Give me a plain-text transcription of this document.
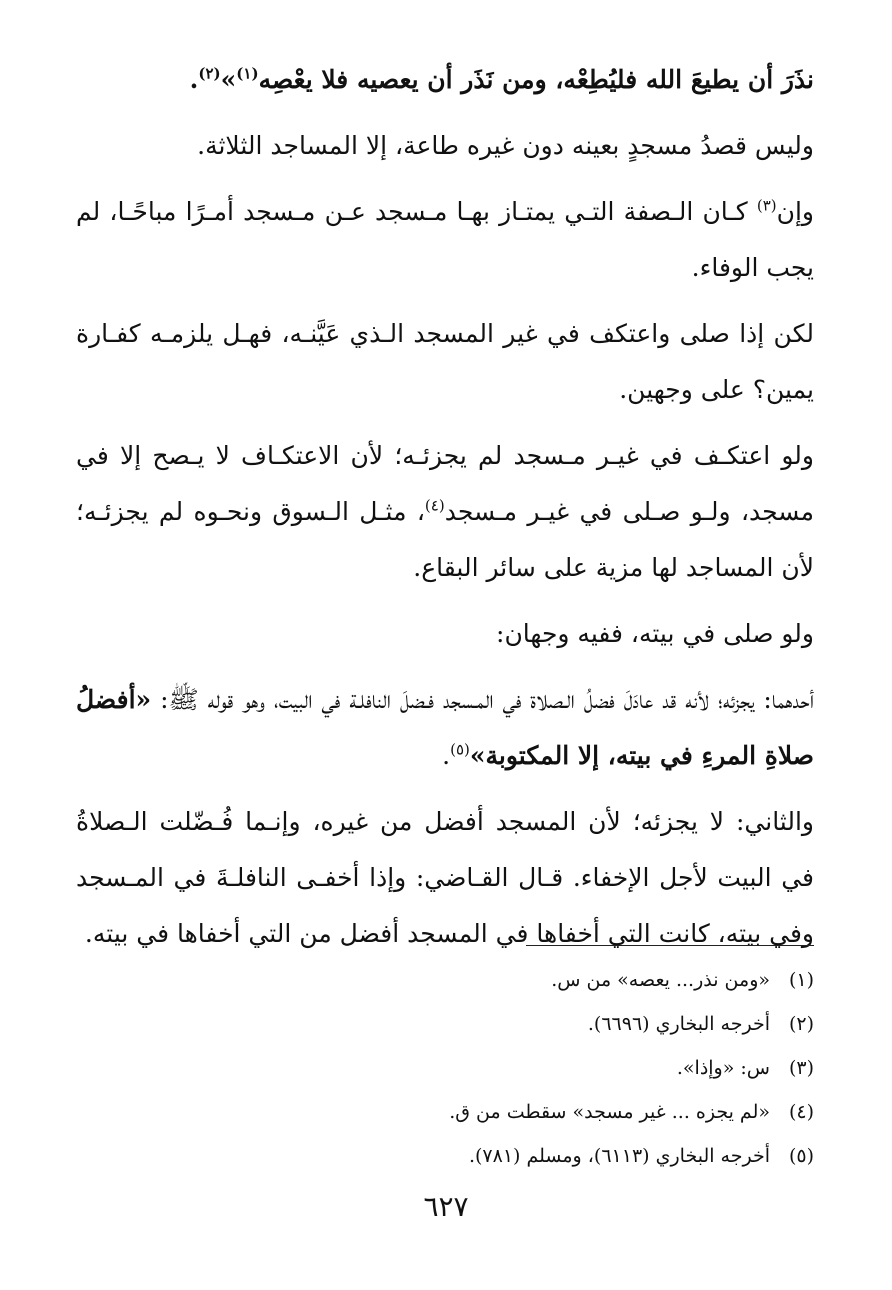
نذَرَ أن يطيعَ الله فليُطِعْه، ومن نَذَر أن يعصيه فلا يعْصِه$^{(١)}$»$^{(٢)}$.

وليس قصدُ مسجدٍ بعينه دون غيره طاعة، إلا المساجد الثلاثة.

وإن$^{(٣)}$ كـان الـصفة التـي يمتـاز بهـا مـسجد عـن مـسجد أمـرًا مباحًـا، لم يجب الوفاء.

لكن إذا صلى واعتكف في غير المسجد الـذي عَيَّنـه، فهـل يلزمـه كفـارة يمين؟ على وجهين.

ولو اعتكـف في غيـر مـسجد لم يجزئـه؛ لأن الاعتكـاف لا يـصح إلا في مسجد، ولـو صـلى في غيـر مـسجد$^{(٤)}$، مثـل الـسوق ونحـوه لم يجزئـه؛ لأن المساجد لها مزية على سائر البقاع.

ولو صلى في بيته، ففيه وجهان:

أحدهما: يجزئه؛ لأنه قد عادَلَ فضلُ الـصلاة في المـسجد فـضلَ النافلـة في البيت، وهو قوله ﷺ: «أفضلُ صلاةِ المرءِ في بيته، إلا المكتوبة»$^{(٥)}$.

والثاني: لا يجزئه؛ لأن المسجد أفضل من غيره، وإنـما فُـضّلت الـصلاةُ في البيت لأجل الإخفاء. قـال القـاضي: وإذا أخفـى النافلـةَ في المـسجد وفي بيته، كانت التي أخفاها في المسجد أفضل من التي أخفاها في بيته.

(١)«ومن نذر... يعصه» من س.
(٢)أخرجه البخاري (٦٦٩٦).
(٣)س: «وإذا».
(٤)«لم يجزه ... غير مسجد» سقطت من ق.
(٥)أخرجه البخاري (٦١١٣)، ومسلم (٧٨١).
٦٢٧
